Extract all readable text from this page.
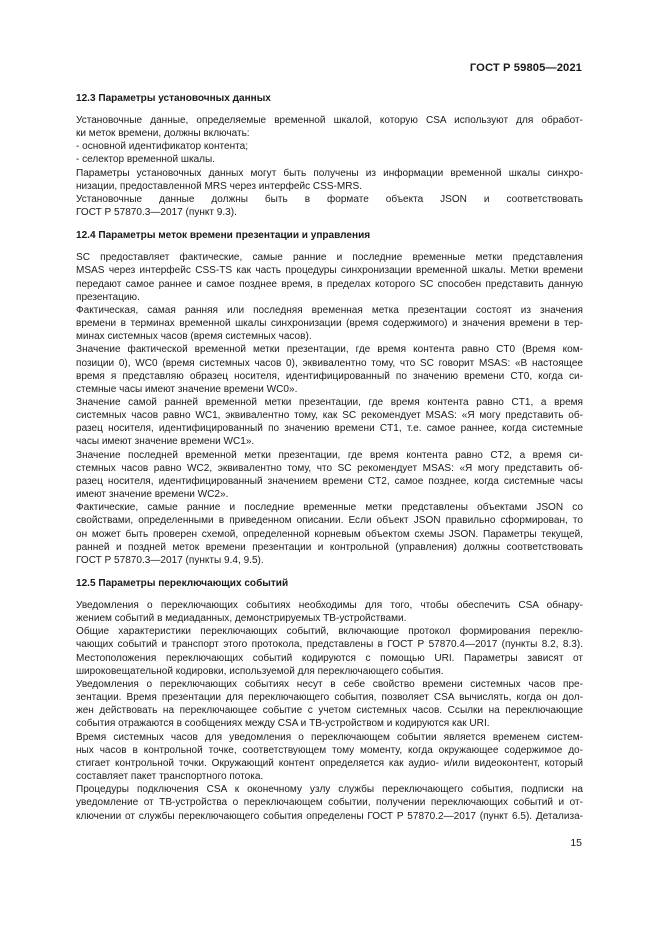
ГОСТ Р 59805—2021
12.3 Параметры установочных данных
Установочные данные, определяемые временной шкалой, которую CSA используют для обработ-
ки меток времени, должны включать:
- основной идентификатор контента;
- селектор временной шкалы.
Параметры установочных данных могут быть получены из информации временной шкалы синхро-
низации, предоставленной MRS через интерфейс CSS-MRS.
Установочные данные должны быть в формате объекта JSON и соответствовать
ГОСТ Р 57870.3—2017 (пункт 9.3).
12.4 Параметры меток времени презентации и управления
SC предоставляет фактические, самые ранние и последние временные метки представления
MSAS через интерфейс CSS-TS как часть процедуры синхронизации временной шкалы. Метки времени
передают самое раннее и самое позднее время, в пределах которого SC способен представить данную
презентацию.
Фактическая, самая ранняя или последняя временная метка презентации состоят из значения
времени в терминах временной шкалы синхронизации (время содержимого) и значения времени в тер-
минах системных часов (время системных часов).
Значение фактической временной метки презентации, где время контента равно CT0 (Время ком-
позиции 0), WC0 (время системных часов 0), эквивалентно тому, что SC говорит MSAS: «В настоящее
время я представляю образец носителя, идентифицированный по значению времени CT0, когда си-
стемные часы имеют значение времени WC0».
Значение самой ранней временной метки презентации, где время контента равно CT1, а время
системных часов равно WC1, эквивалентно тому, как SC рекомендует MSAS: «Я могу представить об-
разец носителя, идентифицированный по значению времени CT1, т.е. самое раннее, когда системные
часы имеют значение времени WC1».
Значение последней временной метки презентации, где время контента равно CT2, а время си-
стемных часов равно WC2, эквивалентно тому, что SC рекомендует MSAS: «Я могу представить об-
разец носителя, идентифицированный значением времени CT2, самое позднее, когда системные часы
имеют значение времени WC2».
Фактические, самые ранние и последние временные метки представлены объектами JSON со
свойствами, определенными в приведенном описании. Если объект JSON правильно сформирован, то
он может быть проверен схемой, определенной корневым объектом схемы JSON. Параметры текущей,
ранней и поздней меток времени презентации и контрольной (управления) должны соответствовать
ГОСТ Р 57870.3—2017 (пункты 9.4, 9.5).
12.5 Параметры переключающих событий
Уведомления о переключающих событиях необходимы для того, чтобы обеспечить CSA обнару-
жением событий в медиаданных, демонстрируемых ТВ-устройствами.
Общие характеристики переключающих событий, включающие протокол формирования переклю-
чающих событий и транспорт этого протокола, представлены в ГОСТ Р 57870.4—2017 (пункты 8.2, 8.3).
Местоположения переключающих событий кодируются с помощью URI. Параметры зависят от
широковещательной кодировки, используемой для переключающего события.
Уведомления о переключающих событиях несут в себе свойство времени системных часов пре-
зентации. Время презентации для переключающего события, позволяет CSA вычислять, когда он дол-
жен действовать на переключающее событие с учетом системных часов. Ссылки на переключающие
события отражаются в сообщениях между CSA и ТВ-устройством и кодируются как URI.
Время системных часов для уведомления о переключающем событии является временем систем-
ных часов в контрольной точке, соответствующем тому моменту, когда окружающее содержимое до-
стигает контрольной точки. Окружающий контент определяется как аудио- и/или видеоконтент, который
составляет пакет транспортного потока.
Процедуры подключения CSA к оконечному узлу службы переключающего события, подписки на
уведомление от ТВ-устройства о переключающем событии, получении переключающих событий и от-
ключении от службы переключающего события определены ГОСТ Р 57870.2—2017 (пункт 6.5). Детализа-
15
